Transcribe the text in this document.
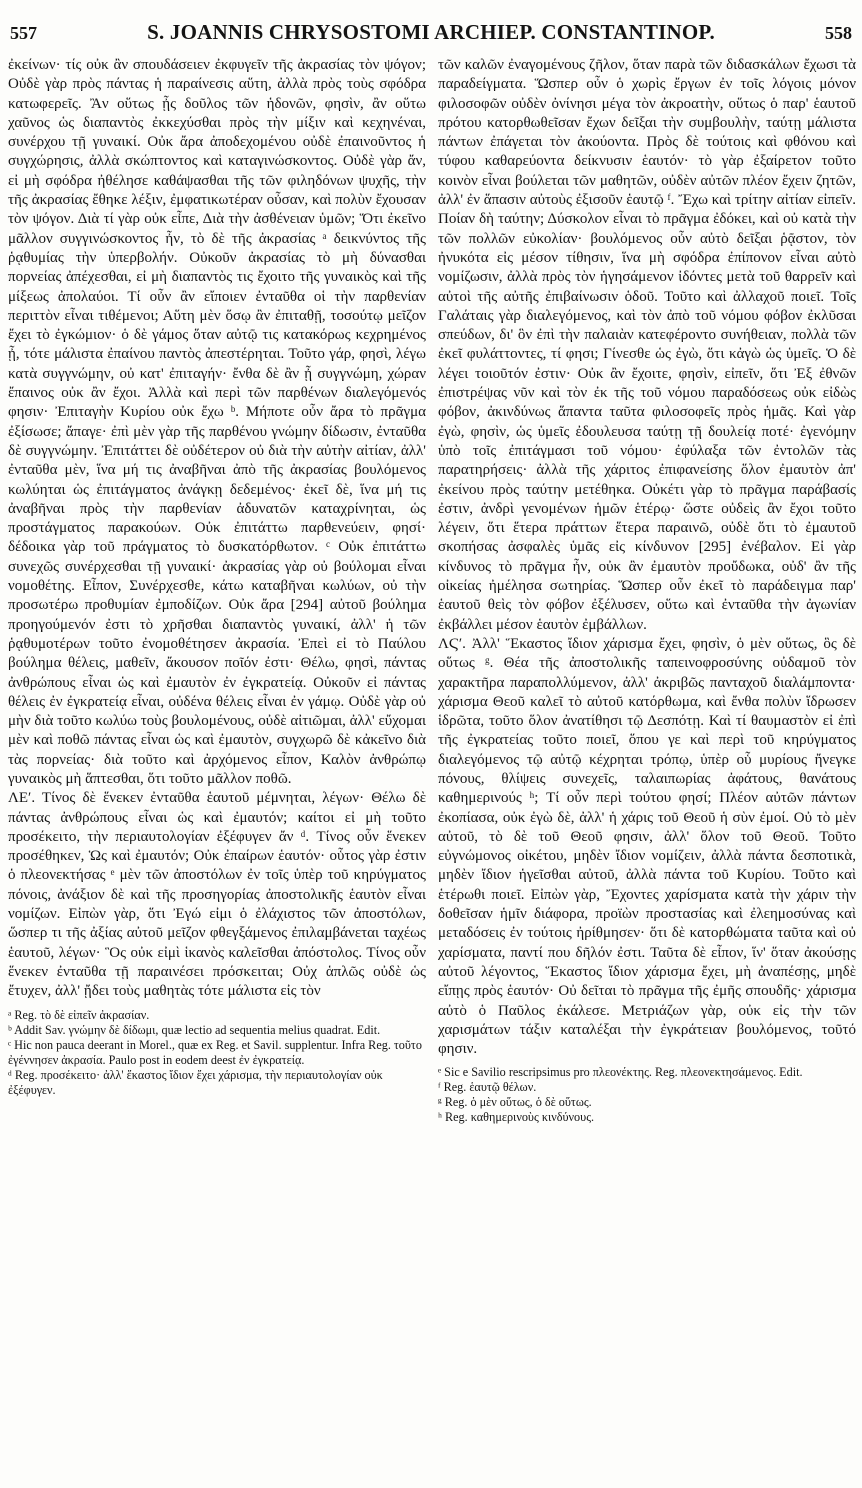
557	S. JOANNIS CHRYSOSTOMI ARCHIEP. CONSTANTINOP.	558

ἐκείνων· τίς οὐκ ἂν σπουδάσειεν ἐκφυγεῖν τῆς ἀκρασίας τὸν ψόγον; Οὐδὲ γὰρ πρὸς πάντας ἡ παραίνεσις αὕτη, ἀλλὰ πρὸς τοὺς σφόδρα κατωφερεῖς. Ἂν οὕτως ᾖς δοῦλος τῶν ἡδονῶν, φησὶν, ἂν οὕτω χαῦνος ὡς διαπαντὸς ἐκκεχύσθαι πρὸς τὴν μίξιν καὶ κεχηνέναι, συνέρχου τῇ γυναικί. Οὐκ ἄρα ἀποδεχομένου οὐδὲ ἐπαινοῦντος ἡ συγχώρησις, ἀλλὰ σκώπτοντος καὶ καταγινώσκοντος. Οὐδὲ γὰρ ἄν, εἰ μὴ σφόδρα ἠθέλησε καθάψασθαι τῆς τῶν φιληδόνων ψυχῆς, τὴν τῆς ἀκρασίας ἔθηκε λέξιν, ἐμφατικωτέραν οὖσαν, καὶ πολὺν ἔχουσαν τὸν ψόγον. Διὰ τί γὰρ οὐκ εἶπε, Διὰ τὴν ἀσθένειαν ὑμῶν; Ὅτι ἐκεῖνο μᾶλλον συγγινώσκοντος ἦν, τὸ δὲ τῆς ἀκρασίας ᵃ δεικνύντος τῆς ῥᾳθυμίας τὴν ὑπερβολήν. Οὐκοῦν ἀκρασίας τὸ μὴ δύνασθαι πορνείας ἀπέχεσθαι, εἰ μὴ διαπαντὸς τις ἔχοιτο τῆς γυναικὸς καὶ τῆς μίξεως ἀπολαύοι. Τί οὖν ἂν εἴποιεν ἐνταῦθα οἱ τὴν παρθενίαν περιττὸν εἶναι τιθέμενοι; Αὕτη μὲν ὅσῳ ἂν ἐπιταθῇ, τοσούτῳ μεῖζον ἔχει τὸ ἐγκώμιον· ὁ δὲ γάμος ὅταν αὐτῷ τις κατακόρως κεχρημένος ᾖ, τότε μάλιστα ἐπαίνου παντὸς ἀπεστέρηται. Τοῦτο γάρ, φησὶ, λέγω κατὰ συγγνώμην, οὐ κατ' ἐπιταγήν· ἔνθα δὲ ἂν ᾖ συγγνώμη, χώραν ἔπαινος οὐκ ἂν ἔχοι. Ἀλλὰ καὶ περὶ τῶν παρθένων διαλεγόμενός φησιν· Ἐπιταγὴν Κυρίου οὐκ ἔχω ᵇ. Μήποτε οὖν ἄρα τὸ πρᾶγμα ἐξίσωσε; ἄπαγε· ἐπὶ μὲν γὰρ τῆς παρθένου γνώμην δίδωσιν, ἐνταῦθα δὲ συγγνώμην. Ἐπιτάττει δὲ οὐδέτερον οὐ διὰ τὴν αὐτὴν αἰτίαν, ἀλλ' ἐνταῦθα μὲν, ἵνα μή τις ἀναβῆναι ἀπὸ τῆς ἀκρασίας βουλόμενος κωλύηται ὡς ἐπιτάγματος ἀνάγκῃ δεδεμένος· ἐκεῖ δὲ, ἵνα μή τις ἀναβῆναι πρὸς τὴν παρθενίαν ἀδυνατῶν καταχρίνηται, ὡς προστάγματος παρακούων. Οὐκ ἐπιτάττω παρθενεύειν, φησί· δέδοικα γὰρ τοῦ πράγματος τὸ δυσκατόρθωτον. ᶜ Οὐκ ἐπιτάττω συνεχῶς συνέρχεσθαι τῇ γυναικί· ἀκρασίας γὰρ οὐ βούλομαι εἶναι νομοθέτης. Εἶπον, Συνέρχεσθε, κάτω καταβῆναι κωλύων, οὐ τὴν προσωτέρω προθυμίαν ἐμποδίζων. Οὐκ ἄρα [294] αὐτοῦ βούλημα προηγούμενόν ἐστι τὸ χρῆσθαι διαπαντὸς γυναικί, ἀλλ' ἡ τῶν ῥᾳθυμοτέρων τοῦτο ἐνομοθέτησεν ἀκρασία. Ἐπεὶ εἰ τὸ Παύλου βούλημα θέλεις, μαθεῖν, ἄκουσον ποῖόν ἐστι· Θέλω, φησὶ, πάντας ἀνθρώπους εἶναι ὡς καὶ ἐμαυτὸν ἐν ἐγκρατείᾳ. Οὐκοῦν εἰ πάντας θέλεις ἐν ἐγκρατείᾳ εἶναι, οὐδένα θέλεις εἶναι ἐν γάμῳ. Οὐδὲ γὰρ οὐ μὴν διὰ τοῦτο κωλύω τοὺς βουλομένους, οὐδὲ αἰτιῶμαι, ἀλλ' εὔχομαι μὲν καὶ ποθῶ πάντας εἶναι ὡς καὶ ἐμαυτὸν, συγχωρῶ δὲ κἀκεῖνο διὰ τὰς πορνείας· διὰ τοῦτο καὶ ἀρχόμενος εἶπον, Καλὸν ἀνθρώπῳ γυναικὸς μὴ ἅπτεσθαι, ὅτι τοῦτο μᾶλλον ποθῶ.

ΛΕʹ. Τίνος δὲ ἕνεκεν ἐνταῦθα ἑαυτοῦ μέμνηται, λέγων· Θέλω δὲ πάντας ἀνθρώπους εἶναι ὡς καὶ ἐμαυτόν; καίτοι εἰ μὴ τοῦτο προσέκειτο, τὴν περιαυτολογίαν ἐξέφυγεν ἄν ᵈ. Τίνος οὖν ἕνεκεν προσέθηκεν, Ὡς καὶ ἐμαυτόν; Οὐκ ἐπαίρων ἑαυτόν· οὗτος γὰρ ἐστιν ὁ πλεονεκτήσας ᵉ μὲν τῶν ἀποστόλων ἐν τοῖς ὑπὲρ τοῦ κηρύγματος πόνοις, ἀνάξιον δὲ καὶ τῆς προσηγορίας ἀποστολικῆς ἑαυτὸν εἶναι νομίζων. Εἰπὼν γὰρ, ὅτι Ἐγώ εἰμι ὁ ἐλάχιστος τῶν ἀποστόλων, ὥσπερ τι τῆς ἀξίας αὐτοῦ μεῖζον φθεγξάμενος ἐπιλαμβάνεται ταχέως ἑαυτοῦ, λέγων· Ὃς οὐκ εἰμὶ ἱκανὸς καλεῖσθαι ἀπόστολος. Τίνος οὖν ἕνεκεν ἐνταῦθα τῇ παραινέσει πρόσκειται; Οὐχ ἁπλῶς οὐδὲ ὡς ἔτυχεν, ἀλλ' ᾔδει τοὺς μαθητὰς τότε μάλιστα εἰς τὸν

ᵃ Reg. τὸ δὲ εἰπεῖν ἀκρασίαν.
ᵇ Addit Sav. γνώμην δὲ δίδωμι, quæ lectio ad sequentia melius quadrat. Edit.
ᶜ Hic non pauca deerant in Morel., quæ ex Reg. et Savil. supplentur. Infra Reg. τοῦτο ἐγέννησεν ἀκρασία. Paulo post in eodem deest ἐν ἐγκρατείᾳ.
ᵈ Reg. προσέκειτο· ἀλλ' ἕκαστος ἴδιον ἔχει χάρισμα, τὴν περιαυτολογίαν οὐκ ἐξέφυγεν.

τῶν καλῶν ἐναγομένους ζῆλον, ὅταν παρὰ τῶν διδασκάλων ἔχωσι τὰ παραδείγματα. Ὥσπερ οὖν ὁ χωρὶς ἔργων ἐν τοῖς λόγοις μόνον φιλοσοφῶν οὐδὲν ὀνίνησι μέγα τὸν ἀκροατὴν, οὕτως ὁ παρ' ἑαυτοῦ πρότου κατορθωθεῖσαν ἔχων δεῖξαι τὴν συμβουλὴν, ταύτῃ μάλιστα πάντων ἐπάγεται τὸν ἀκούοντα. Πρὸς δὲ τούτοις καὶ φθόνου καὶ τύφου καθαρεύοντα δείκνυσιν ἑαυτόν· τὸ γὰρ ἐξαίρετον τοῦτο κοινὸν εἶναι βούλεται τῶν μαθητῶν, οὐδὲν αὐτῶν πλέον ἔχειν ζητῶν, ἀλλ' ἐν ἅπασιν αὐτοὺς ἐξισοῦν ἑαυτῷ ᶠ. Ἔχω καὶ τρίτην αἰτίαν εἰπεῖν. Ποίαν δὴ ταύτην; Δύσκολον εἶναι τὸ πρᾶγμα ἐδόκει, καὶ οὐ κατὰ τὴν τῶν πολλῶν εὐκολίαν· βουλόμενος οὖν αὐτὸ δεῖξαι ῥᾷστον, τὸν ἠνυκότα εἰς μέσον τίθησιν, ἵνα μὴ σφόδρα ἐπίπονον εἶναι αὐτὸ νομίζωσιν, ἀλλὰ πρὸς τὸν ἡγησάμενον ἰδόντες μετὰ τοῦ θαρρεῖν καὶ αὐτοὶ τῆς αὐτῆς ἐπιβαίνωσιν ὁδοῦ. Τοῦτο καὶ ἀλλαχοῦ ποιεῖ. Τοῖς Γαλάταις γὰρ διαλεγόμενος, καὶ τὸν ἀπὸ τοῦ νόμου φόβον ἐκλῦσαι σπεύδων, δι' ὃν ἐπὶ τὴν παλαιὰν κατεφέροντο συνήθειαν, πολλὰ τῶν ἐκεῖ φυλάττοντες, τί φησι; Γίνεσθε ὡς ἐγὼ, ὅτι κἀγὼ ὡς ὑμεῖς. Ὁ δὲ λέγει τοιοῦτόν ἐστιν· Οὐκ ἂν ἔχοιτε, φησὶν, εἰπεῖν, ὅτι Ἐξ ἐθνῶν ἐπιστρέψας νῦν καὶ τὸν ἐκ τῆς τοῦ νόμου παραδόσεως οὐκ εἰδὼς φόβον, ἀκινδύνως ἅπαντα ταῦτα φιλοσοφεῖς πρὸς ἡμᾶς. Καὶ γὰρ ἐγὼ, φησὶν, ὡς ὑμεῖς ἐδουλευσα ταύτῃ τῇ δουλείᾳ ποτέ· ἐγενόμην ὑπὸ τοῖς ἐπιτάγμασι τοῦ νόμου· ἐφύλαξα τῶν ἐντολῶν τὰς παρατηρήσεις· ἀλλὰ τῆς χάριτος ἐπιφανείσης ὅλον ἐμαυτὸν ἀπ' ἐκείνου πρὸς ταύτην μετέθηκα. Οὐκέτι γὰρ τὸ πρᾶγμα παράβασίς ἐστιν, ἀνδρὶ γενομένων ἡμῶν ἑτέρῳ· ὥστε οὐδεὶς ἂν ἔχοι τοῦτο λέγειν, ὅτι ἕτερα πράττων ἕτερα παραινῶ, οὐδὲ ὅτι τὸ ἐμαυτοῦ σκοπήσας ἀσφαλὲς ὑμᾶς εἰς κίνδυνον [295] ἐνέβαλον. Εἰ γὰρ κίνδυνος τὸ πρᾶγμα ἦν, οὐκ ἂν ἐμαυτὸν προὔδωκα, οὐδ' ἂν τῆς οἰκείας ἠμέλησα σωτηρίας. Ὥσπερ οὖν ἐκεῖ τὸ παράδειγμα παρ' ἑαυτοῦ θεὶς τὸν φόβον ἐξέλυσεν, οὕτω καὶ ἐνταῦθα τὴν ἀγωνίαν ἐκβάλλει μέσον ἑαυτὸν ἐμβάλλων.

ΛϚʹ. Ἀλλ' Ἕκαστος ἴδιον χάρισμα ἔχει, φησὶν, ὁ μὲν οὕτως, ὃς δὲ οὕτως ᵍ. Θέα τῆς ἀποστολικῆς ταπεινοφροσύνης οὐδαμοῦ τὸν χαρακτῆρα παραπολλύμενον, ἀλλ' ἀκριβῶς πανταχοῦ διαλάμποντα· χάρισμα Θεοῦ καλεῖ τὸ αὐτοῦ κατόρθωμα, καὶ ἔνθα πολὺν ἵδρωσεν ἱδρῶτα, τοῦτο ὅλον ἀνατίθησι τῷ Δεσπότῃ. Καὶ τί θαυμαστὸν εἰ ἐπὶ τῆς ἐγκρατείας τοῦτο ποιεῖ, ὅπου γε καὶ περὶ τοῦ κηρύγματος διαλεγόμενος τῷ αὐτῷ κέχρηται τρόπῳ, ὑπὲρ οὗ μυρίους ἤνεγκε πόνους, θλίψεις συνεχεῖς, ταλαιπωρίας ἀφάτους, θανάτους καθημερινούς ʰ; Τί οὖν περὶ τούτου φησί; Πλέον αὐτῶν πάντων ἐκοπίασα, οὐκ ἐγὼ δὲ, ἀλλ' ἡ χάρις τοῦ Θεοῦ ἡ σὺν ἐμοί. Οὐ τὸ μὲν αὐτοῦ, τὸ δὲ τοῦ Θεοῦ φησιν, ἀλλ' ὅλον τοῦ Θεοῦ. Τοῦτο εὐγνώμονος οἰκέτου, μηδὲν ἴδιον νομίζειν, ἀλλὰ πάντα δεσποτικὰ, μηδὲν ἴδιον ἡγεῖσθαι αὐτοῦ, ἀλλὰ πάντα τοῦ Κυρίου. Τοῦτο καὶ ἑτέρωθι ποιεῖ. Εἰπὼν γὰρ, Ἔχοντες χαρίσματα κατὰ τὴν χάριν τὴν δοθεῖσαν ἡμῖν διάφορα, προϊὼν προστασίας καὶ ἐλεημοσύνας καὶ μεταδόσεις ἐν τούτοις ἠρίθμησεν· ὅτι δὲ κατορθώματα ταῦτα καὶ οὐ χαρίσματα, παντί που δῆλόν ἐστι. Ταῦτα δὲ εἶπον, ἵν' ὅταν ἀκούσῃς αὐτοῦ λέγοντος, Ἕκαστος ἴδιον χάρισμα ἔχει, μὴ ἀναπέσῃς, μηδὲ εἴπῃς πρὸς ἑαυτόν· Οὐ δεῖται τὸ πρᾶγμα τῆς ἐμῆς σπουδῆς· χάρισμα αὐτὸ ὁ Παῦλος ἐκάλεσε. Μετριάζων γὰρ, οὐκ εἰς τὴν τῶν χαρισμάτων τάξιν καταλέξαι τὴν ἐγκράτειαν βουλόμενος, τοῦτό φησιν.

ᵉ Sic e Savilio rescripsimus pro πλεονέκτης. Reg. πλεονεκτησάμενος. Edit.
ᶠ Reg. ἑαυτῷ θέλων.
ᵍ Reg. ὁ μὲν οὕτως, ὁ δὲ οὕτως.
ʰ Reg. καθημερινοὺς κινδύνους.
